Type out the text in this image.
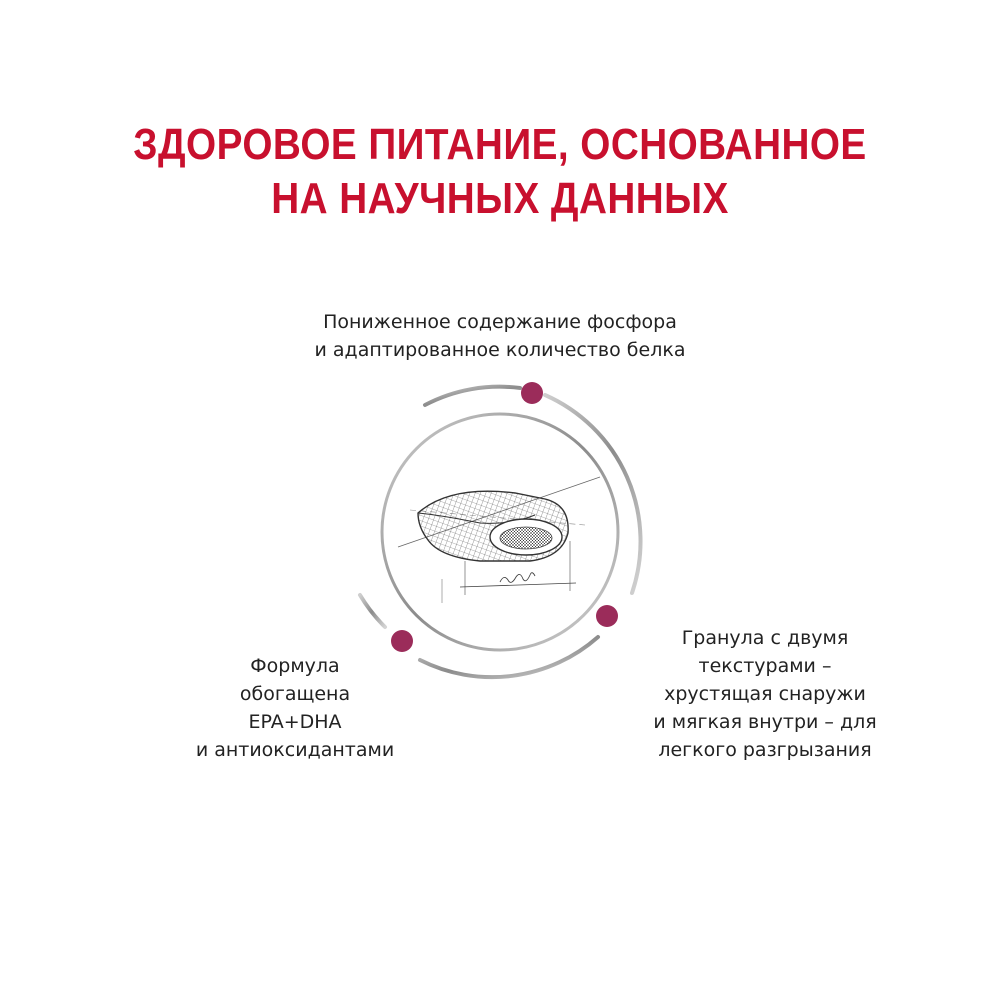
ЗДОРОВОЕ ПИТАНИЕ, ОСНОВАННОЕ
НА НАУЧНЫХ ДАННЫХ
Пониженное содержание фосфора
и адаптированное количество белка
Формула
обогащена
EPA+DHA
и антиоксидантами
Гранула с двумя
текстурами –
хрустящая снаружи
и мягкая внутри – для
легкого разгрызания
